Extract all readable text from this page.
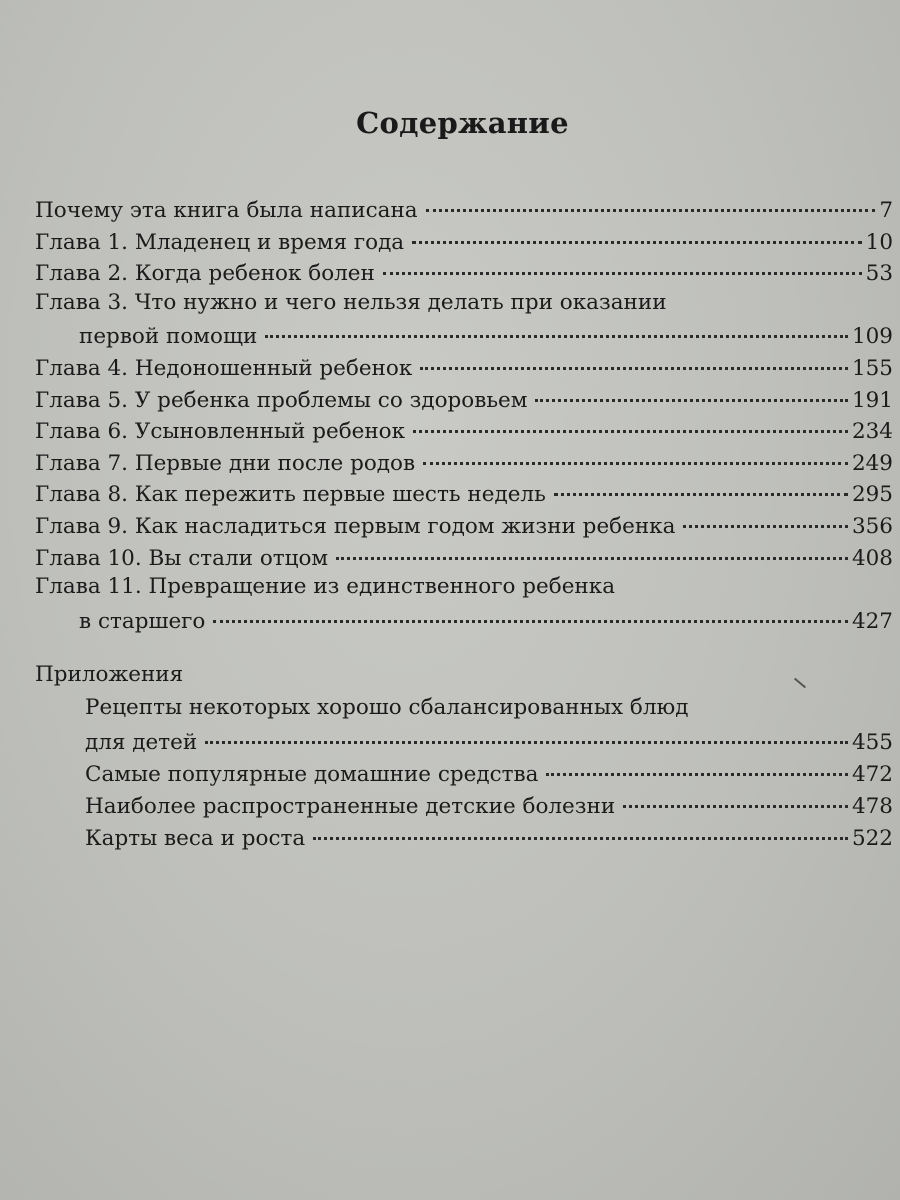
Содержание
Почему эта книга была написана	7
Глава 1. Младенец и время года	10
Глава 2. Когда ребенок болен	53
Глава 3. Что нужно и чего нельзя делать при оказании
первой помощи	109
Глава 4. Недоношенный ребенок	155
Глава 5. У ребенка проблемы со здоровьем	191
Глава 6. Усыновленный ребенок	234
Глава 7. Первые дни после родов	249
Глава 8. Как пережить первые шесть недель	295
Глава 9. Как насладиться первым годом жизни ребенка	356
Глава 10. Вы стали отцом	408
Глава 11. Превращение из единственного ребенка
в старшего	427
Приложения
Рецепты некоторых хорошо сбалансированных блюд
для детей	455
Самые популярные домашние средства	472
Наиболее распространенные детские болезни	478
Карты веса и роста	522
